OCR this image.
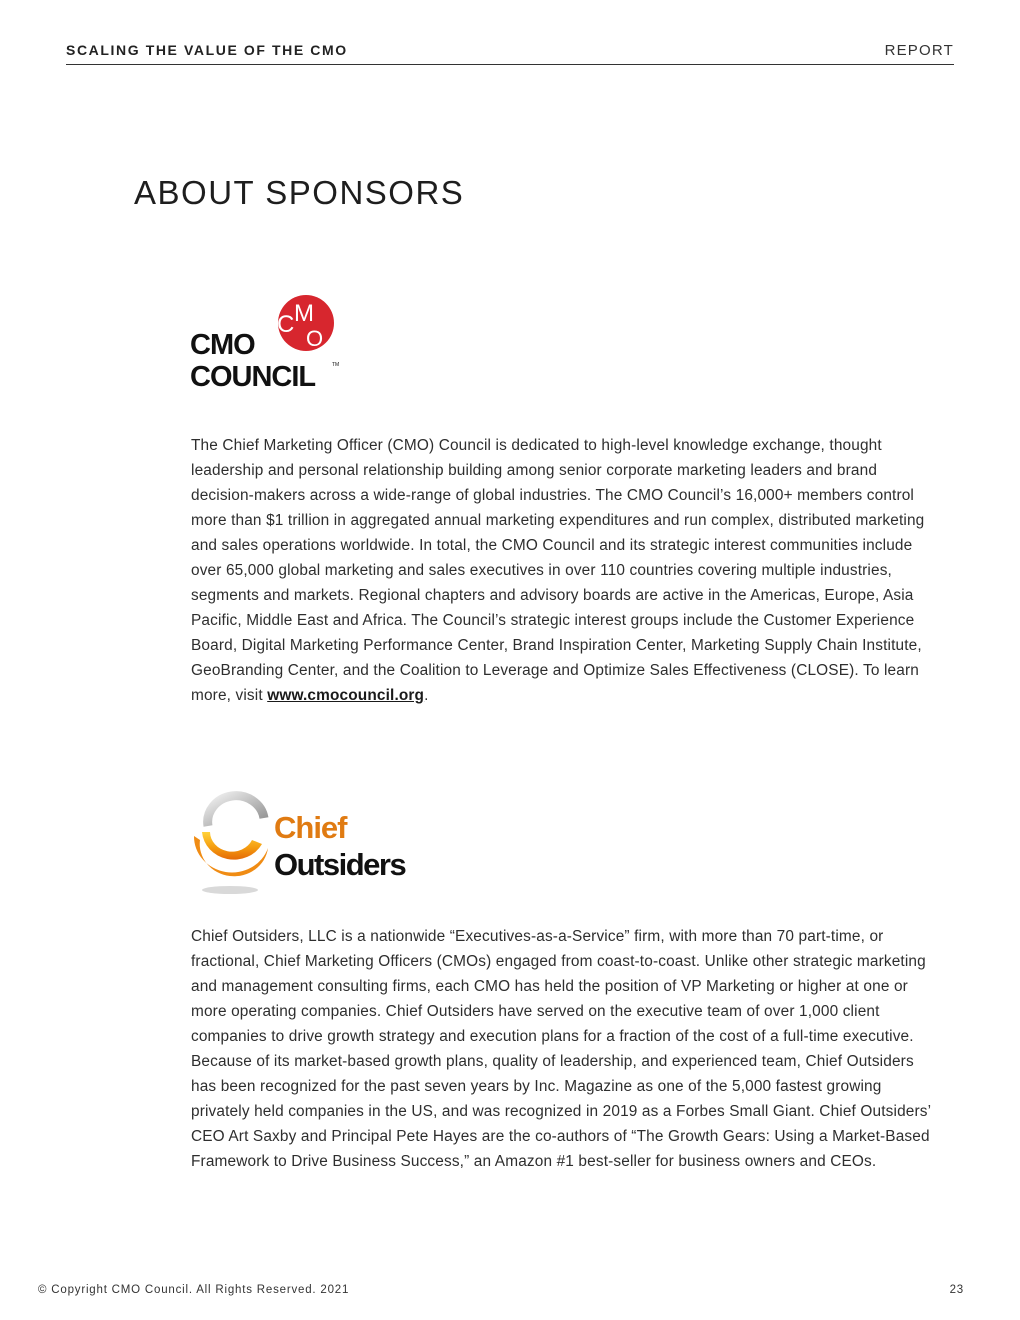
SCALING THE VALUE OF THE CMO	REPORT
ABOUT SPONSORS
C M
O
CMO
COUNCIL	TM

The Chief Marketing Officer (CMO) Council is dedicated to high-level knowledge exchange, thought leadership and personal relationship building among senior corporate marketing leaders and brand decision-makers across a wide-range of global industries. The CMO Council’s 16,000+ members control more than $1 trillion in aggregated annual marketing expenditures and run complex, distributed marketing and sales operations worldwide. In total, the CMO Council and its strategic interest communities include over 65,000 global marketing and sales executives in over 110 countries covering multiple industries, segments and markets. Regional chapters and advisory boards are active in the Americas, Europe, Asia Pacific, Middle East and Africa. The Council’s strategic interest groups include the Customer Experience Board, Digital Marketing Performance Center, Brand Inspiration Center, Marketing Supply Chain Institute, GeoBranding Center, and the Coalition to Leverage and Optimize Sales Effectiveness (CLOSE). To learn more, visit www.cmocouncil.org.

Chief
Outsiders

Chief Outsiders, LLC is a nationwide “Executives-as-a-Service” firm, with more than 70 part-time, or fractional, Chief Marketing Officers (CMOs) engaged from coast-to-coast. Unlike other strategic marketing and management consulting firms, each CMO has held the position of VP Marketing or higher at one or more operating companies. Chief Outsiders have served on the executive team of over 1,000 client companies to drive growth strategy and execution plans for a fraction of the cost of a full-time executive. Because of its market-based growth plans, quality of leadership, and experienced team, Chief Outsiders has been recognized for the past seven years by Inc. Magazine as one of the 5,000 fastest growing privately held companies in the US, and was recognized in 2019 as a Forbes Small Giant. Chief Outsiders’ CEO Art Saxby and Principal Pete Hayes are the co-authors of “The Growth Gears: Using a Market-Based Framework to Drive Business Success,” an Amazon #1 best-seller for business owners and CEOs.

© Copyright CMO Council. All Rights Reserved. 2021	23
